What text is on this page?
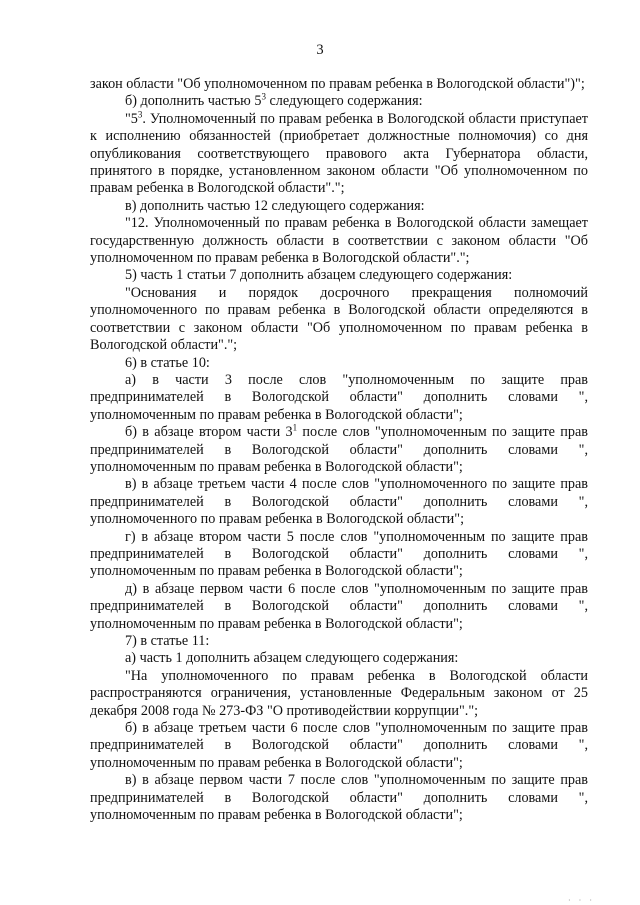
3

закон области "Об уполномоченном по правам ребенка в Вологодской области")";

б) дополнить частью $5^3$ следующего содержания:

"$5^3$. Уполномоченный по правам ребенка в Вологодской области приступает к исполнению обязанностей (приобретает должностные полномочия) со дня опубликования соответствующего правового акта Губернатора области, принятого в порядке, установленном законом области "Об уполномоченном по правам ребенка в Вологодской области".";

в) дополнить частью 12 следующего содержания:

"12. Уполномоченный по правам ребенка в Вологодской области замещает государственную должность области в соответствии с законом области "Об уполномоченном по правам ребенка в Вологодской области".";

5) часть 1 статьи 7 дополнить абзацем следующего содержания:

"Основания и порядок досрочного прекращения полномочий уполномоченного по правам ребенка в Вологодской области определяются в соответствии с законом области "Об уполномоченном по правам ребенка в Вологодской области".";

6) в статье 10:

а) в части 3 после слов "уполномоченным по защите прав предпринимателей в Вологодской области" дополнить словами ", уполномоченным по правам ребенка в Вологодской области";

б) в абзаце втором части $3^1$ после слов "уполномоченным по защите прав предпринимателей в Вологодской области" дополнить словами ", уполномоченным по правам ребенка в Вологодской области";

в) в абзаце третьем части 4 после слов "уполномоченного по защите прав предпринимателей в Вологодской области" дополнить словами ", уполномоченного по правам ребенка в Вологодской области";

г) в абзаце втором части 5 после слов "уполномоченным по защите прав предпринимателей в Вологодской области" дополнить словами ", уполномоченным по правам ребенка в Вологодской области";

д) в абзаце первом части 6 после слов "уполномоченным по защите прав предпринимателей в Вологодской области" дополнить словами ", уполномоченным по правам ребенка в Вологодской области";

7) в статье 11:

а) часть 1 дополнить абзацем следующего содержания:

"На уполномоченного по правам ребенка в Вологодской области распространяются ограничения, установленные Федеральным законом от 25 декабря 2008 года № 273-ФЗ "О противодействии коррупции".";

б) в абзаце третьем части 6 после слов "уполномоченным по защите прав предпринимателей в Вологодской области" дополнить словами ", уполномоченным по правам ребенка в Вологодской области";

в) в абзаце первом части 7 после слов "уполномоченным по защите прав предпринимателей в Вологодской области" дополнить словами ", уполномоченным по правам ребенка в Вологодской области";

· · ·
